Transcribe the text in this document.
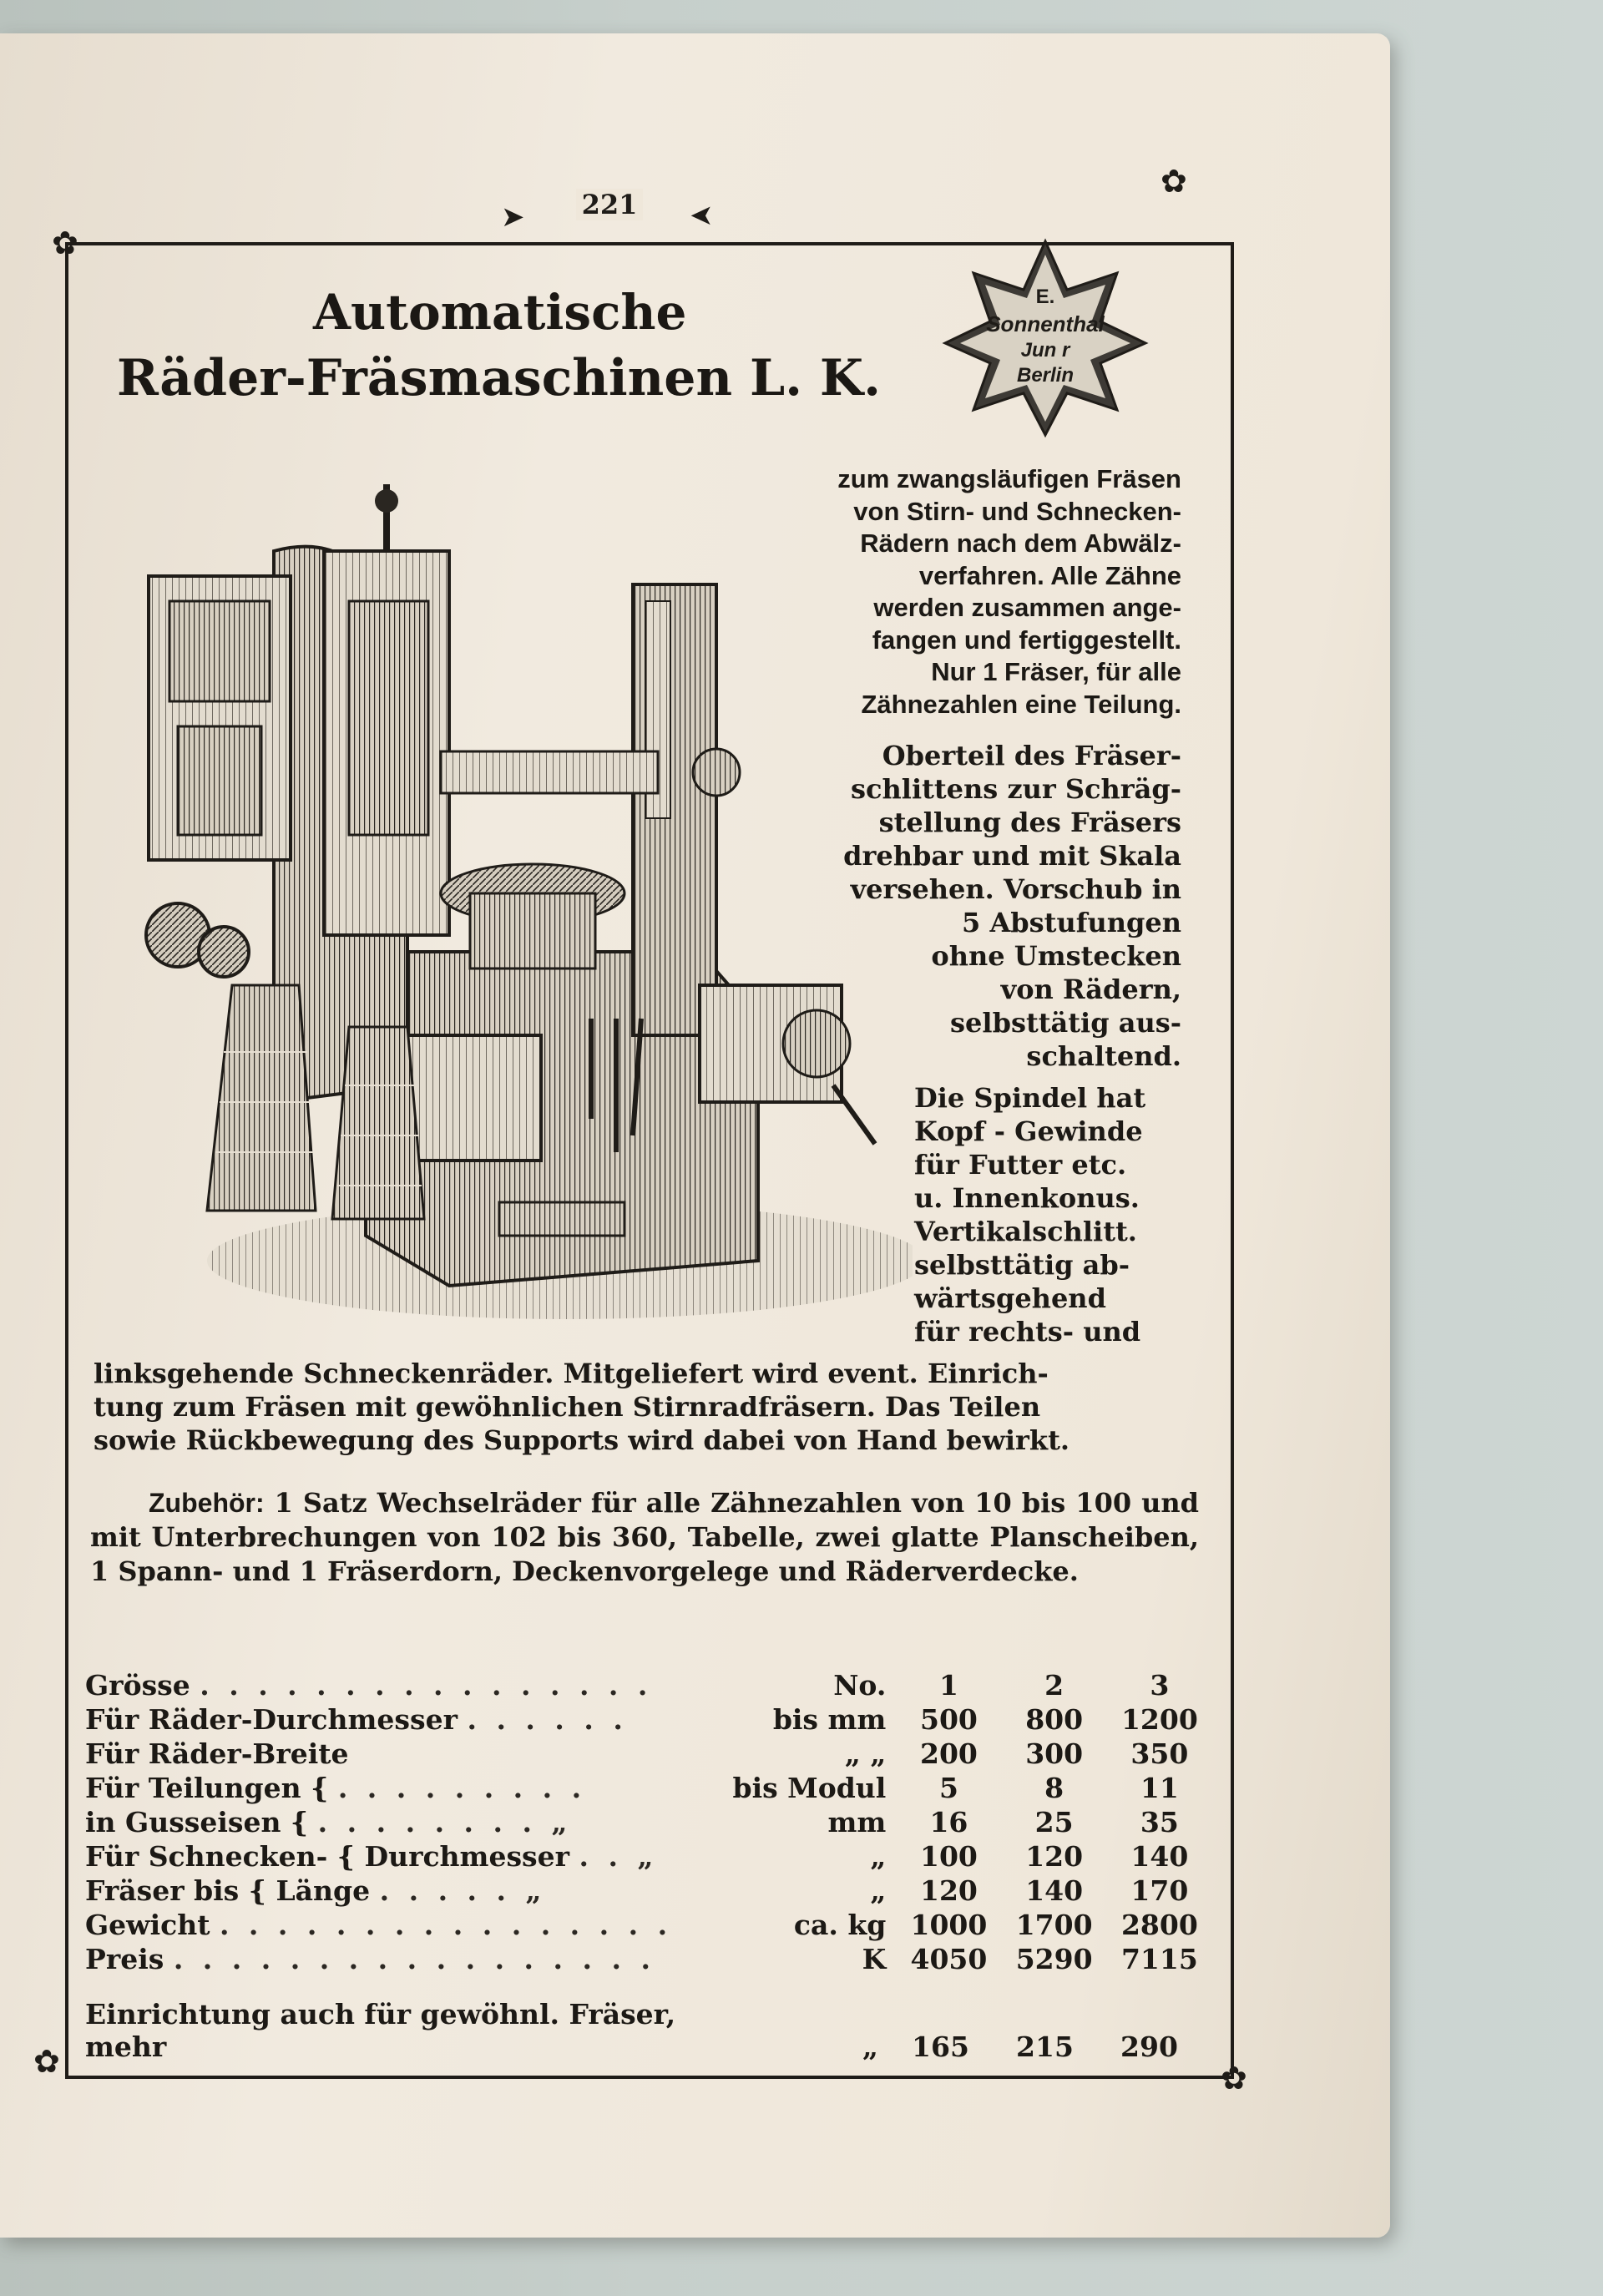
✿
✿
✿	✿
➤	➤
221
Automatische
Räder-Fräsmaschinen L. K.
E.
Sonnenthal
Jun r
Berlin
zum zwangsläufigen Fräsen
von Stirn- und Schnecken-
Rädern nach dem Abwälz-
verfahren. Alle Zähne
werden zusammen ange-
fangen und fertiggestellt.
Nur 1 Fräser, für alle
Zähnezahlen eine Teilung.
Oberteil des Fräser-
schlittens zur Schräg-
stellung des Fräsers
drehbar und mit Skala
versehen. Vorschub in
5 Abstufungen
ohne Umstecken
von Rädern,
selbsttätig aus-
schaltend.
Die Spindel hat
Kopf - Gewinde
für Futter etc.
u. Innenkonus.
Vertikalschlitt.
selbsttätig ab-
wärtsgehend
für rechts- und
linksgehende Schneckenräder. Mitgeliefert wird event. Einrich-
tung zum Fräsen mit gewöhnlichen Stirnradfräsern. Das Teilen
sowie Rückbewegung des Supports wird dabei von Hand bewirkt.

Zubehör: 1 Satz Wechselräder für alle Zähnezahlen von 10 bis 100 und mit Unterbrechungen von 102 bis 360, Tabelle, zwei glatte Planscheiben, 1 Spann- und 1 Fräserdorn, Deckenvorgelege und Räderverdecke.

Grösse . . . . . . . . . . . . . . . .	No.	1	2	3
Für Räder-Durchmesser . . . . . .	bis mm	500	800	1200
Für Räder-Breite	„ „	200	300	350
Für Teilungen { . . . . . . . . .	bis Modul	5	8	11
in Gusseisen { . . . . . . . . „	mm	16	25	35
Für Schnecken- { Durchmesser . . „	„	100	120	140
Fräser bis { Länge . . . . . „	„	120	140	170
Gewicht . . . . . . . . . . . . . . . .	ca. kg	1000	1700	2800
Preis . . . . . . . . . . . . . . . . .	K	4050	5290	7115
Einrichtung auch für gewöhnl. Fräser, mehr	„ 165 215 290
